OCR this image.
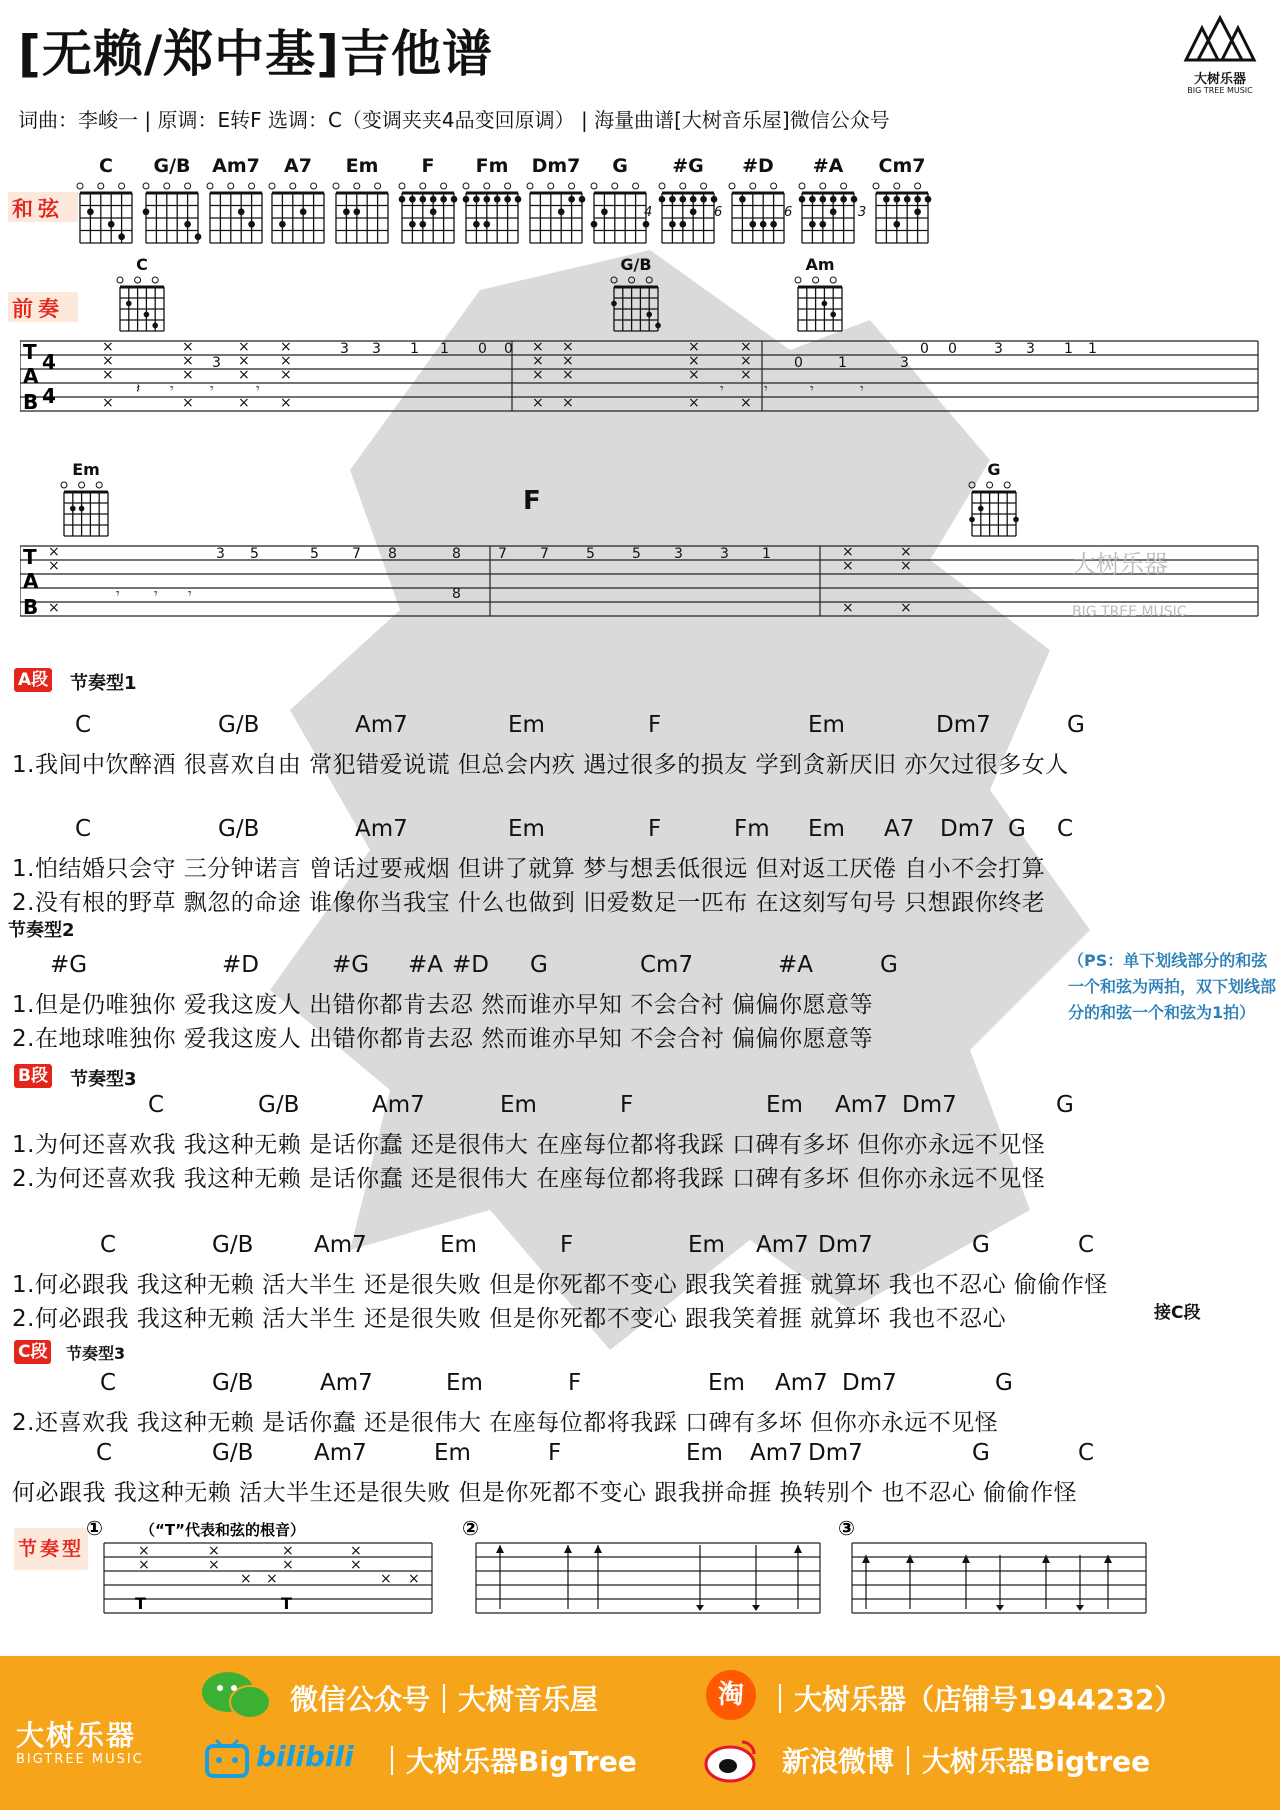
[无赖/郑中基]吉他谱
词曲：李峻一 | 原调：E转F 选调：C（变调夹夹4品变回原调） | 海量曲谱[大树音乐屋]微信公众号
大树乐器
BIG TREE MUSIC
和弦
C	G/B	Am7	A7	Em	F	Fm	Dm7	G	#G
4
#D
6
#A
6
Cm7
3
前奏
C	G/B	Am
T
A
B
4
4
×
×
×
×
×
×
×
×
×
×
×
×
×
×
×
×
×
×
×
×
×
×
×
×
×
×
×
×
×
×
×
×
3 3 1 1 0 0	0 0	3 3 1 1
3	0	1	3
𝄽 𝄾	𝄾	𝄾	𝄾	𝄾	𝄾	𝄾
Em	G
F
T
A
B
×
×
×
×
×
×
×
×
×
3 5	5 7 8	8	7 7	5	5 3	3 1
8
𝄾 𝄾 𝄾
大树乐器
BIG TREE MUSIC
A段 节奏型1
节奏型2
B段 节奏型3
C段 节奏型3
C	G/B	Am7	Em	F	Em	Dm7	G
1.我间中饮醉酒 很喜欢自由 常犯错爱说谎 但总会内疚 遇过很多的损友 学到贪新厌旧 亦欠过很多女人
C	G/B	Am7	Em	F	Fm Em A7 Dm7 G C
1.怕结婚只会守 三分钟诺言 曾话过要戒烟 但讲了就算 梦与想丢低很远 但对返工厌倦 自小不会打算
2.没有根的野草 飘忽的命途 谁像你当我宝 什么也做到 旧爱数足一匹布 在这刻写句号 只想跟你终老
#G	#D	#G #A #D G	Cm7	#A	G
1.但是仍唯独你 爱我这废人 出错你都肯去忍 然而谁亦早知 不会合衬 偏偏你愿意等
2.在地球唯独你 爱我这废人 出错你都肯去忍 然而谁亦早知 不会合衬 偏偏你愿意等
C	G/B	Am7	Em	F	Em Am7 Dm7	G
1.为何还喜欢我 我这种无赖 是话你蠢 还是很伟大 在座每位都将我踩 口碑有多坏 但你亦永远不见怪
2.为何还喜欢我 我这种无赖 是话你蠢 还是很伟大 在座每位都将我踩 口碑有多坏 但你亦永远不见怪
C	G/B	Am7	Em	F	Em Am7 Dm7	G	C
1.何必跟我 我这种无赖 活大半生 还是很失败 但是你死都不变心 跟我笑着捱 就算坏 我也不忍心 偷偷作怪
2.何必跟我 我这种无赖 活大半生 还是很失败 但是你死都不变心 跟我笑着捱 就算坏 我也不忍心
C	G/B	Am7	Em	F	Em Am7 Dm7	G
2.还喜欢我 我这种无赖 是话你蠢 还是很伟大 在座每位都将我踩 口碑有多坏 但你亦永远不见怪
C	G/B	Am7	Em	F	Em Am7 Dm7	G	C
何必跟我 我这种无赖 活大半生还是很失败 但是你死都不变心 跟我拼命捱 换转别个 也不忍心 偷偷作怪
接C段
（PS：单下划线部分的和弦一个和弦为两拍，双下划线部分的和弦一个和弦为1拍）
节奏型
① （“T”代表和弦的根音）	②	③
×
×
×
×
×
×
×
×
× ×	× ×
T	T
大树乐器
BIGTREE MUSIC
微信公众号｜大树音乐屋	淘 ｜大树乐器（店铺号1944232）
bilibili ｜大树乐器BigTree	新浪微博｜大树乐器Bigtree
